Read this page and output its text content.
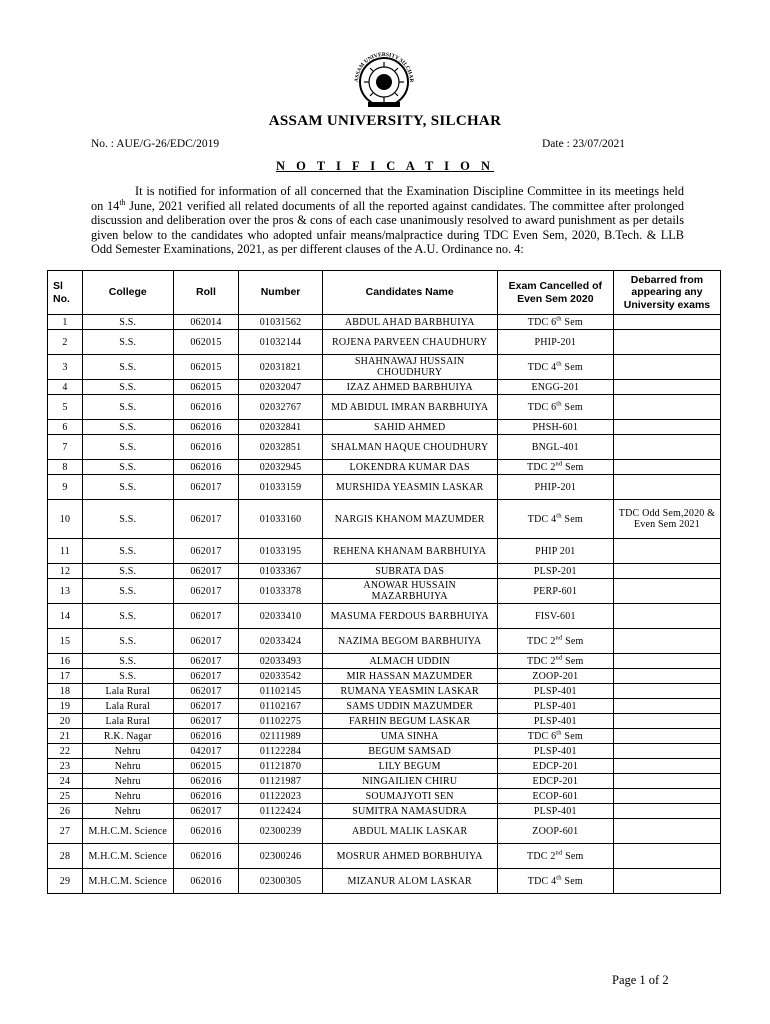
ASSAM UNIVERSITY SILCHAR
ASSAM UNIVERSITY, SILCHAR
No. : AUE/G-26/EDC/2019	Date : 23/07/2021
N O T I F I C A T I O N

It is notified for information of all concerned that the Examination Discipline Committee in its meetings held on 14th June, 2021 verified all related documents of all the reported against candidates. The committee after prolonged discussion and deliberation over the pros & cons of each case unanimously resolved to award punishment as per details given below to the candidates who adopted unfair means/malpractice during TDC Even Sem, 2020, B.Tech. & LLB Odd Semester Examinations, 2021, as per different clauses of the A.U. Ordinance no. 4:

Sl No.	College	Roll	Number	Candidates Name	Exam Cancelled of Even Sem 2020	Debarred from appearing any University exams
1	S.S.	062014	01031562	ABDUL AHAD BARBHUIYA	TDC 6th Sem	
2	S.S.	062015	01032144	ROJENA PARVEEN CHAUDHURY	PHIP-201	
3	S.S.	062015	02031821	SHAHNAWAJ HUSSAIN CHOUDHURY	TDC 4th Sem	
4	S.S.	062015	02032047	IZAZ AHMED BARBHUIYA	ENGG-201	
5	S.S.	062016	02032767	MD ABIDUL IMRAN BARBHUIYA	TDC 6th Sem	
6	S.S.	062016	02032841	SAHID AHMED	PHSH-601	
7	S.S.	062016	02032851	SHALMAN HAQUE CHOUDHURY	BNGL-401	
8	S.S.	062016	02032945	LOKENDRA KUMAR DAS	TDC 2nd Sem	
9	S.S.	062017	01033159	MURSHIDA YEASMIN LASKAR	PHIP-201	
10	S.S.	062017	01033160	NARGIS KHANOM MAZUMDER	TDC 4th Sem	TDC Odd Sem,2020 & Even Sem 2021
11	S.S.	062017	01033195	REHENA KHANAM BARBHUIYA	PHIP 201	
12	S.S.	062017	01033367	SUBRATA DAS	PLSP-201	
13	S.S.	062017	01033378	ANOWAR HUSSAIN MAZARBHUIYA	PERP-601	
14	S.S.	062017	02033410	MASUMA FERDOUS BARBHUIYA	FISV-601	
15	S.S.	062017	02033424	NAZIMA BEGOM BARBHUIYA	TDC 2nd Sem	
16	S.S.	062017	02033493	ALMACH UDDIN	TDC 2nd Sem	
17	S.S.	062017	02033542	MIR HASSAN MAZUMDER	ZOOP-201	
18	Lala Rural	062017	01102145	RUMANA YEASMIN LASKAR	PLSP-401	
19	Lala Rural	062017	01102167	SAMS UDDIN MAZUMDER	PLSP-401	
20	Lala Rural	062017	01102275	FARHIN BEGUM LASKAR	PLSP-401	
21	R.K. Nagar	062016	02111989	UMA SINHA	TDC 6th Sem	
22	Nehru	042017	01122284	BEGUM SAMSAD	PLSP-401	
23	Nehru	062015	01121870	LILY BEGUM	EDCP-201	
24	Nehru	062016	01121987	NINGAILIEN CHIRU	EDCP-201	
25	Nehru	062016	01122023	SOUMAJYOTI SEN	ECOP-601	
26	Nehru	062017	01122424	SUMITRA NAMASUDRA	PLSP-401	
27	M.H.C.M. Science	062016	02300239	ABDUL MALIK LASKAR	ZOOP-601	
28	M.H.C.M. Science	062016	02300246	MOSRUR AHMED BORBHUIYA	TDC 2nd Sem	
29	M.H.C.M. Science	062016	02300305	MIZANUR ALOM LASKAR	TDC 4th Sem	
Page 1 of 2
